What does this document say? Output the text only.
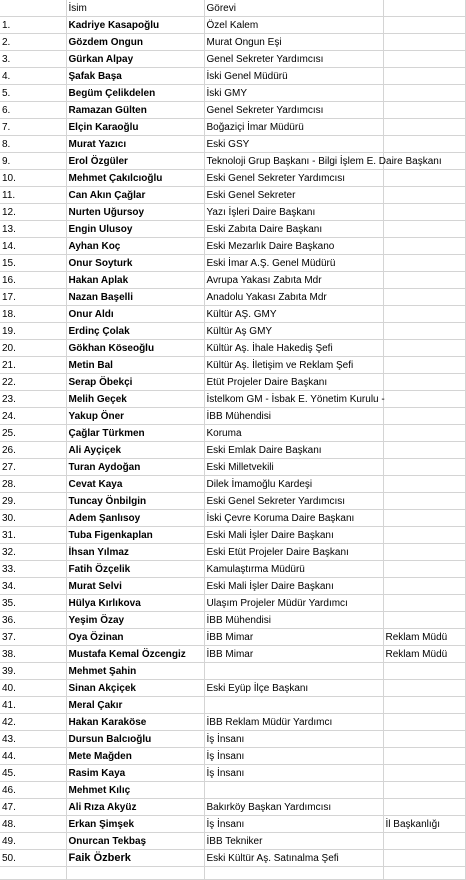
	İsim	Görevi	
1.	Kadriye Kasapoğlu	Özel Kalem	
2.	Gözdem Ongun	Murat Ongun Eşi	
3.	Gürkan Alpay	Genel Sekreter Yardımcısı	
4.	Şafak Başa	İski Genel Müdürü	
5.	Begüm Çelikdelen	İski GMY	
6.	Ramazan Gülten	Genel Sekreter Yardımcısı	
7.	Elçin Karaoğlu	Boğaziçi İmar Müdürü	
8.	Murat Yazıcı	Eski GSY	
9.	Erol Özgüler	Teknoloji Grup Başkanı - Bilgi İşlem E. Daire Başkanı	
10.	Mehmet Çakılcıoğlu	Eski Genel Sekreter Yardımcısı	
11.	Can Akın Çağlar	Eski Genel Sekreter	
12.	Nurten Uğursoy	Yazı İşleri Daire Başkanı	
13.	Engin Ulusoy	Eski Zabıta Daire Başkanı	
14.	Ayhan Koç	Eski Mezarlık Daire Başkano	
15.	Onur Soyturk	Eski İmar A.Ş. Genel Müdürü	
16.	Hakan Aplak	Avrupa Yakası Zabıta Mdr	
17.	Nazan Başelli	Anadolu Yakası Zabıta Mdr	
18.	Onur Aldı	Kültür AŞ. GMY	
19.	Erdinç Çolak	Kültür Aş GMY	
20.	Gökhan Köseoğlu	Kültür Aş. İhale Hakediş Şefi	
21.	Metin Bal	Kültür Aş. İletişim ve Reklam Şefi	
22.	Serap Öbekçi	Etüt Projeler Daire Başkanı	
23.	Melih Geçek	İstelkom GM - İsbak E. Yönetim Kurulu -	
24.	Yakup Öner	İBB Mühendisi	
25.	Çağlar Türkmen	Koruma	
26.	Ali Ayçiçek	Eski Emlak Daire Başkanı	
27.	Turan Aydoğan	Eski Milletvekili	
28.	Cevat Kaya	Dilek İmamoğlu Kardeşi	
29.	Tuncay Önbilgin	Eski Genel Sekreter Yardımcısı	
30.	Adem Şanlısoy	İski Çevre Koruma Daire Başkanı	
31.	Tuba Figenkaplan	Eski Mali İşler Daire Başkanı	
32.	İhsan Yılmaz	Eski Etüt Projeler Daire Başkanı	
33.	Fatih Özçelik	Kamulaştırma Müdürü	
34.	Murat Selvi	Eski Mali İşler Daire Başkanı	
35.	Hülya Kırlıkova	Ulaşım Projeler Müdür Yardımcı	
36.	Yeşim Özay	İBB Mühendisi	
37.	Oya Özinan	İBB Mimar	Reklam Müdü
38.	Mustafa Kemal Özcengiz	İBB Mimar	Reklam Müdü
39.	Mehmet Şahin		
40.	Sinan Akçiçek	Eski Eyüp İlçe Başkanı	
41.	Meral Çakır		
42.	Hakan Karaköse	İBB Reklam Müdür Yardımcı	
43.	Dursun Balcıoğlu	İş İnsanı	
44.	Mete Mağden	İş İnsanı	
45.	Rasim Kaya	İş İnsanı	
46.	Mehmet Kılıç		
47.	Ali Rıza Akyüz	Bakırköy Başkan Yardımcısı	
48.	Erkan Şimşek	İş İnsanı	İl Başkanlığı
49.	Onurcan Tekbaş	İBB Tekniker	
50.	Faik Özberk	Eski Kültür Aş. Satınalma Şefi	
